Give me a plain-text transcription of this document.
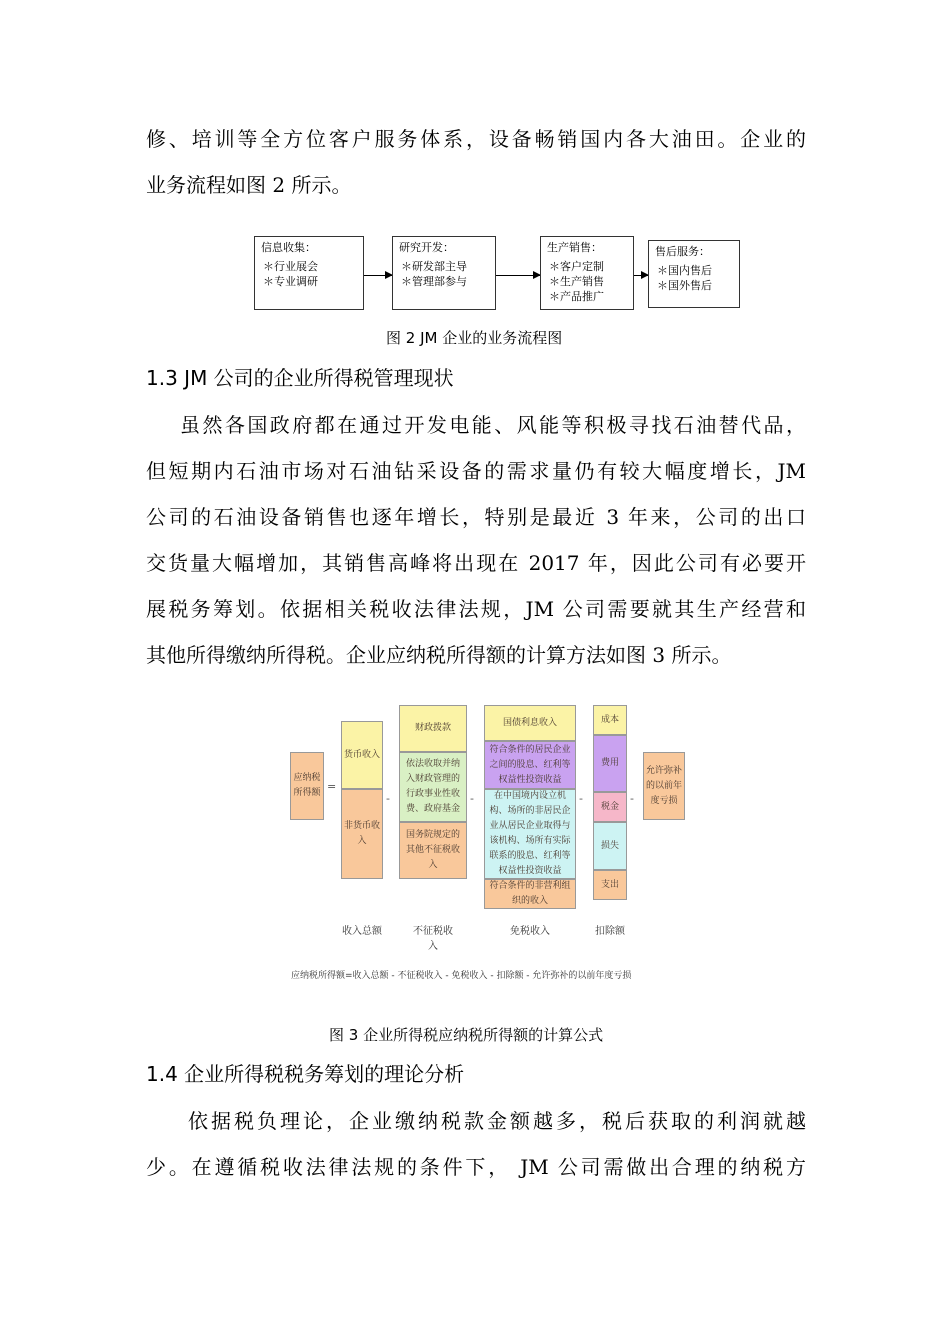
修、培训等全方位客户服务体系，设备畅销国内各大油田。企业的
业务流程如图 2 所示。
信息收集：
＊行业展会
＊专业调研
研究开发：
＊研发部主导
＊管理部参与
生产销售：
＊客户定制
＊生产销售
＊产品推广
售后服务：
＊国内售后
＊国外售后
图 2 JM 企业的业务流程图
1.3 JM 公司的企业所得税管理现状
虽然各国政府都在通过开发电能、风能等积极寻找石油替代品，
但短期内石油市场对石油钻采设备的需求量仍有较大幅度增长，JM
公司的石油设备销售也逐年增长，特别是最近 3 年来，公司的出口
交货量大幅增加，其销售高峰将出现在 2017 年，因此公司有必要开
展税务筹划。依据相关税收法律法规，JM 公司需要就其生产经营和
其他所得缴纳所得税。企业应纳税所得额的计算方法如图 3 所示。
应纳税所得额 =
货币收入
非货币收入
-
财政拨款
依法收取并纳入财政管理的行政事业性收费、政府基金
国务院规定的其他不征税收入
-
国债利息收入
符合条件的居民企业之间的股息、红利等权益性投资收益
在中国境内设立机构、场所的非居民企业从居民企业取得与该机构、场所有实际联系的股息、红利等权益性投资收益
符合条件的非营利组织的收入
-
成本
费用
税金
损失
支出
-
允许弥补的以前年度亏损
收入总额	不征税收入
免税收入	扣除额
应纳税所得额=收入总额 - 不征税收入 - 免税收入 - 扣除额 - 允许弥补的以前年度亏损
图 3 企业所得税应纳税所得额的计算公式
1.4 企业所得税税务筹划的理论分析
依据税负理论，企业缴纳税款金额越多，税后获取的利润就越
少。在遵循税收法律法规的条件下， JM 公司需做出合理的纳税方
